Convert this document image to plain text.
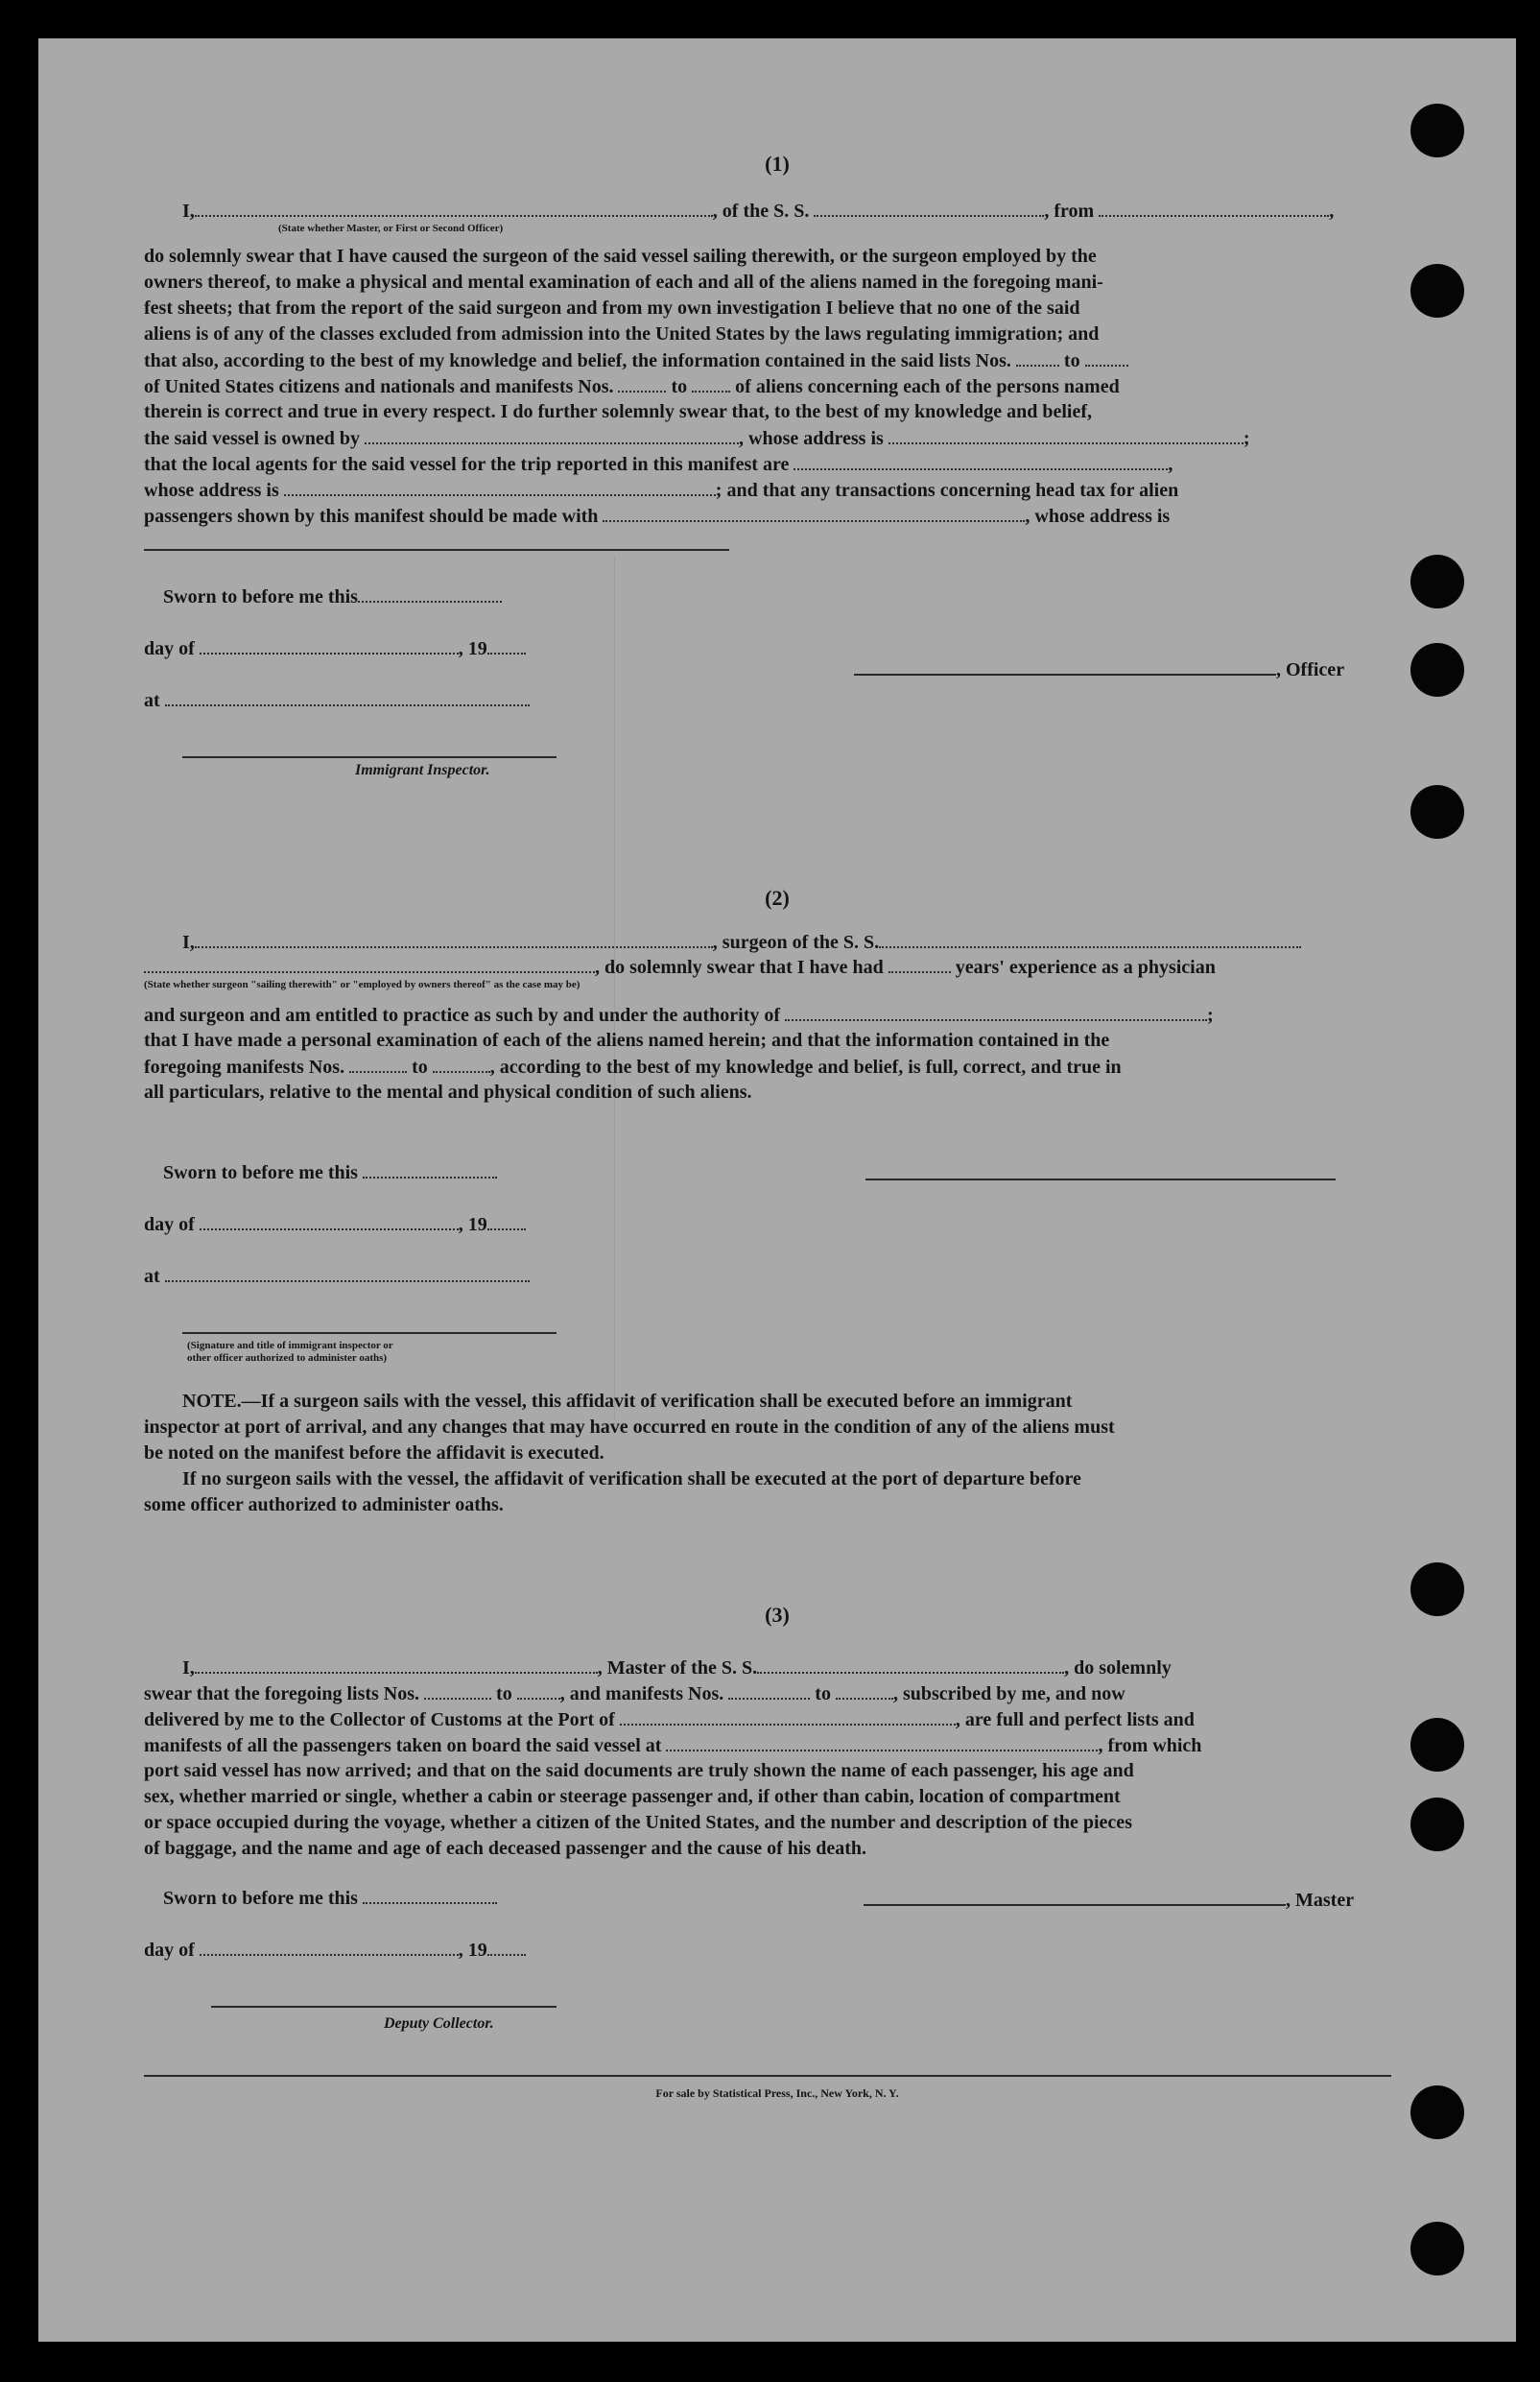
(1)
I,	, of the S. S.	, from	,
(State whether Master, or First or Second Officer)
do solemnly swear that I have caused the surgeon of the said vessel sailing therewith, or the surgeon employed by the
owners thereof, to make a physical and mental examination of each and all of the aliens named in the foregoing mani-
fest sheets; that from the report of the said surgeon and from my own investigation I believe that no one of the said
aliens is of any of the classes excluded from admission into the United States by the laws regulating immigration; and
that also, according to the best of my knowledge and belief, the information contained in the said lists Nos.	to
of United States citizens and nationals and manifests Nos.	to	of aliens concerning each of the persons named
therein is correct and true in every respect. I do further solemnly swear that, to the best of my knowledge and belief,
the said vessel is owned by	, whose address is	;
that the local agents for the said vessel for the trip reported in this manifest are	,
whose address is	; and that any transactions concerning head tax for alien
passengers shown by this manifest should be made with	, whose address is
Sworn to before me this
day of	, 19
at
, Officer
Immigrant Inspector.
(2)
I,	, surgeon of the S. S.
, do solemnly swear that I have had	years' experience as a physician
(State whether surgeon "sailing therewith" or "employed by owners thereof" as the case may be)
and surgeon and am entitled to practice as such by and under the authority of	;
that I have made a personal examination of each of the aliens named herein; and that the information contained in the
foregoing manifests Nos.	to	, according to the best of my knowledge and belief, is full, correct, and true in
all particulars, relative to the mental and physical condition of such aliens.
Sworn to before me this
day of	, 19
at
(Signature and title of immigrant inspector or
other officer authorized to administer oaths)
NOTE.—If a surgeon sails with the vessel, this affidavit of verification shall be executed before an immigrant
inspector at port of arrival, and any changes that may have occurred en route in the condition of any of the aliens must
be noted on the manifest before the affidavit is executed.
If no surgeon sails with the vessel, the affidavit of verification shall be executed at the port of departure before
some officer authorized to administer oaths.
(3)
I,	, Master of the S. S.	, do solemnly
swear that the foregoing lists Nos.	to	, and manifests Nos.	to	, subscribed by me, and now
delivered by me to the Collector of Customs at the Port of	, are full and perfect lists and
manifests of all the passengers taken on board the said vessel at	, from which
port said vessel has now arrived; and that on the said documents are truly shown the name of each passenger, his age and
sex, whether married or single, whether a cabin or steerage passenger and, if other than cabin, location of compartment
or space occupied during the voyage, whether a citizen of the United States, and the number and description of the pieces
of baggage, and the name and age of each deceased passenger and the cause of his death.
Sworn to before me this	, Master
day of	, 19
Deputy Collector.
For sale by Statistical Press, Inc., New York, N. Y.
